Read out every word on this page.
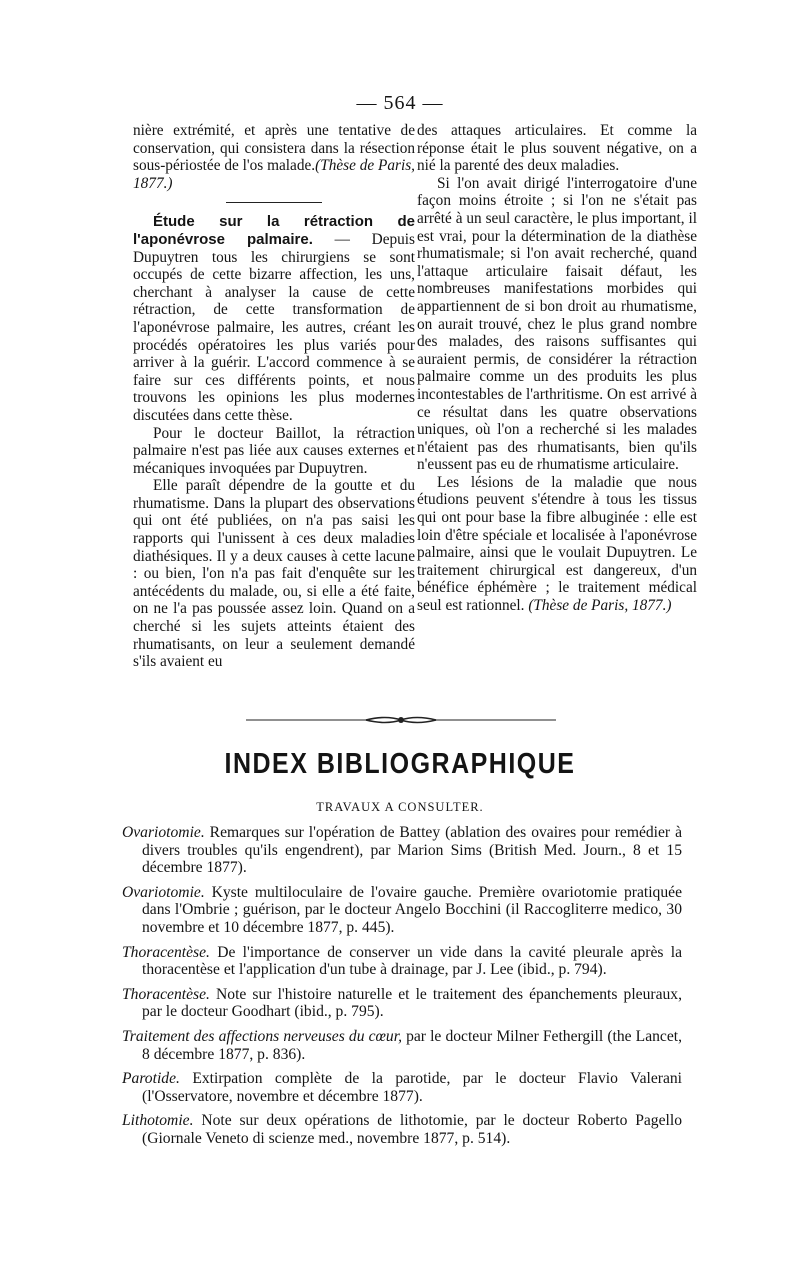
— 564 —

nière extrémité, et après une tentative de conservation, qui consistera dans la résection sous-périostée de l'os malade.(Thèse de Paris, 1877.)

Étude sur la rétraction de l'aponévrose palmaire. — Depuis Dupuytren tous les chirurgiens se sont occupés de cette bizarre affection, les uns, cherchant à analyser la cause de cette rétraction, de cette transformation de l'aponévrose palmaire, les autres, créant les procédés opératoires les plus variés pour arriver à la guérir. L'accord commence à se faire sur ces différents points, et nous trouvons les opinions les plus modernes discutées dans cette thèse.

Pour le docteur Baillot, la rétraction palmaire n'est pas liée aux causes externes et mécaniques invoquées par Dupuytren.

Elle paraît dépendre de la goutte et du rhumatisme. Dans la plupart des observations qui ont été publiées, on n'a pas saisi les rapports qui l'unissent à ces deux maladies diathésiques. Il y a deux causes à cette lacune : ou bien, l'on n'a pas fait d'enquête sur les antécédents du malade, ou, si elle a été faite, on ne l'a pas poussée assez loin. Quand on a cherché si les sujets atteints étaient des rhumatisants, on leur a seulement demandé s'ils avaient eu

des attaques articulaires. Et comme la réponse était le plus souvent négative, on a nié la parenté des deux maladies.

Si l'on avait dirigé l'interrogatoire d'une façon moins étroite ; si l'on ne s'était pas arrêté à un seul caractère, le plus important, il est vrai, pour la détermination de la diathèse rhumatismale; si l'on avait recherché, quand l'attaque articulaire faisait défaut, les nombreuses manifestations morbides qui appartiennent de si bon droit au rhumatisme, on aurait trouvé, chez le plus grand nombre des malades, des raisons suffisantes qui auraient permis, de considérer la rétraction palmaire comme un des produits les plus incontestables de l'arthritisme. On est arrivé à ce résultat dans les quatre observations uniques, où l'on a recherché si les malades n'étaient pas des rhumatisants, bien qu'ils n'eussent pas eu de rhumatisme articulaire.

Les lésions de la maladie que nous étudions peuvent s'étendre à tous les tissus qui ont pour base la fibre albuginée : elle est loin d'être spéciale et localisée à l'aponévrose palmaire, ainsi que le voulait Dupuytren. Le traitement chirurgical est dangereux, d'un bénéfice éphémère ; le traitement médical seul est rationnel. (Thèse de Paris, 1877.)

INDEX BIBLIOGRAPHIQUE
TRAVAUX A CONSULTER.

Ovariotomie. Remarques sur l'opération de Battey (ablation des ovaires pour remédier à divers troubles qu'ils engendrent), par Marion Sims (British Med. Journ., 8 et 15 décembre 1877).

Ovariotomie. Kyste multiloculaire de l'ovaire gauche. Première ovariotomie pratiquée dans l'Ombrie ; guérison, par le docteur Angelo Bocchini (il Raccogliterre medico, 30 novembre et 10 décembre 1877, p. 445).

Thoracentèse. De l'importance de conserver un vide dans la cavité pleurale après la thoracentèse et l'application d'un tube à drainage, par J. Lee (ibid., p. 794).

Thoracentèse. Note sur l'histoire naturelle et le traitement des épanchements pleuraux, par le docteur Goodhart (ibid., p. 795).

Traitement des affections nerveuses du cœur, par le docteur Milner Fethergill (the Lancet, 8 décembre 1877, p. 836).

Parotide. Extirpation complète de la parotide, par le docteur Flavio Valerani (l'Osservatore, novembre et décembre 1877).

Lithotomie. Note sur deux opérations de lithotomie, par le docteur Roberto Pagello (Giornale Veneto di scienze med., novembre 1877, p. 514).
